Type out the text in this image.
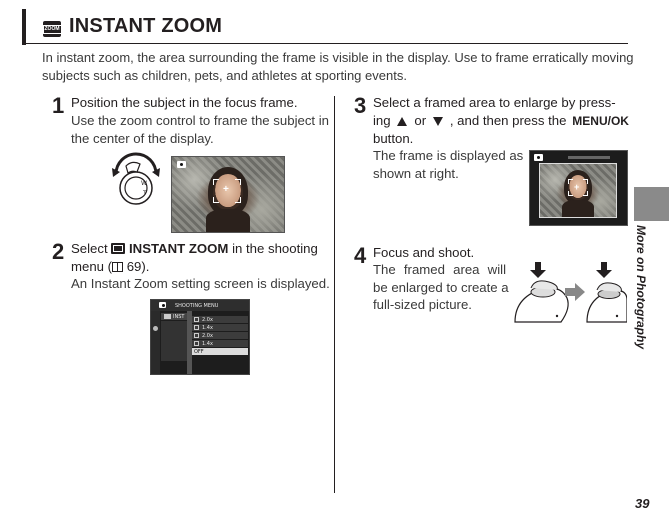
ZOOM INSTANT ZOOM
In instant zoom, the area surrounding the frame is visible in the display. Use to frame erratically moving
subjects such as children, pets, and athletes at sporting events.
1 Position the subject in the focus frame.
Use the zoom control to frame the subject in
the center of the display.
W
T	+
2 Select INSTANT ZOOM in the shooting
menu ( 69).
An Instant Zoom setting screen is displayed.
SHOOTING MENU
INST	2.0x
1.4x
2.0x
1.4x
OFF
3 Select a framed area to enlarge by press-
ing or , and then press the MENU/OK
button.
The frame is displayed as
shown at right.
+
4 Focus and shoot.
The framed area will
be enlarged to create a
full-sized picture.	More on Photography
39
